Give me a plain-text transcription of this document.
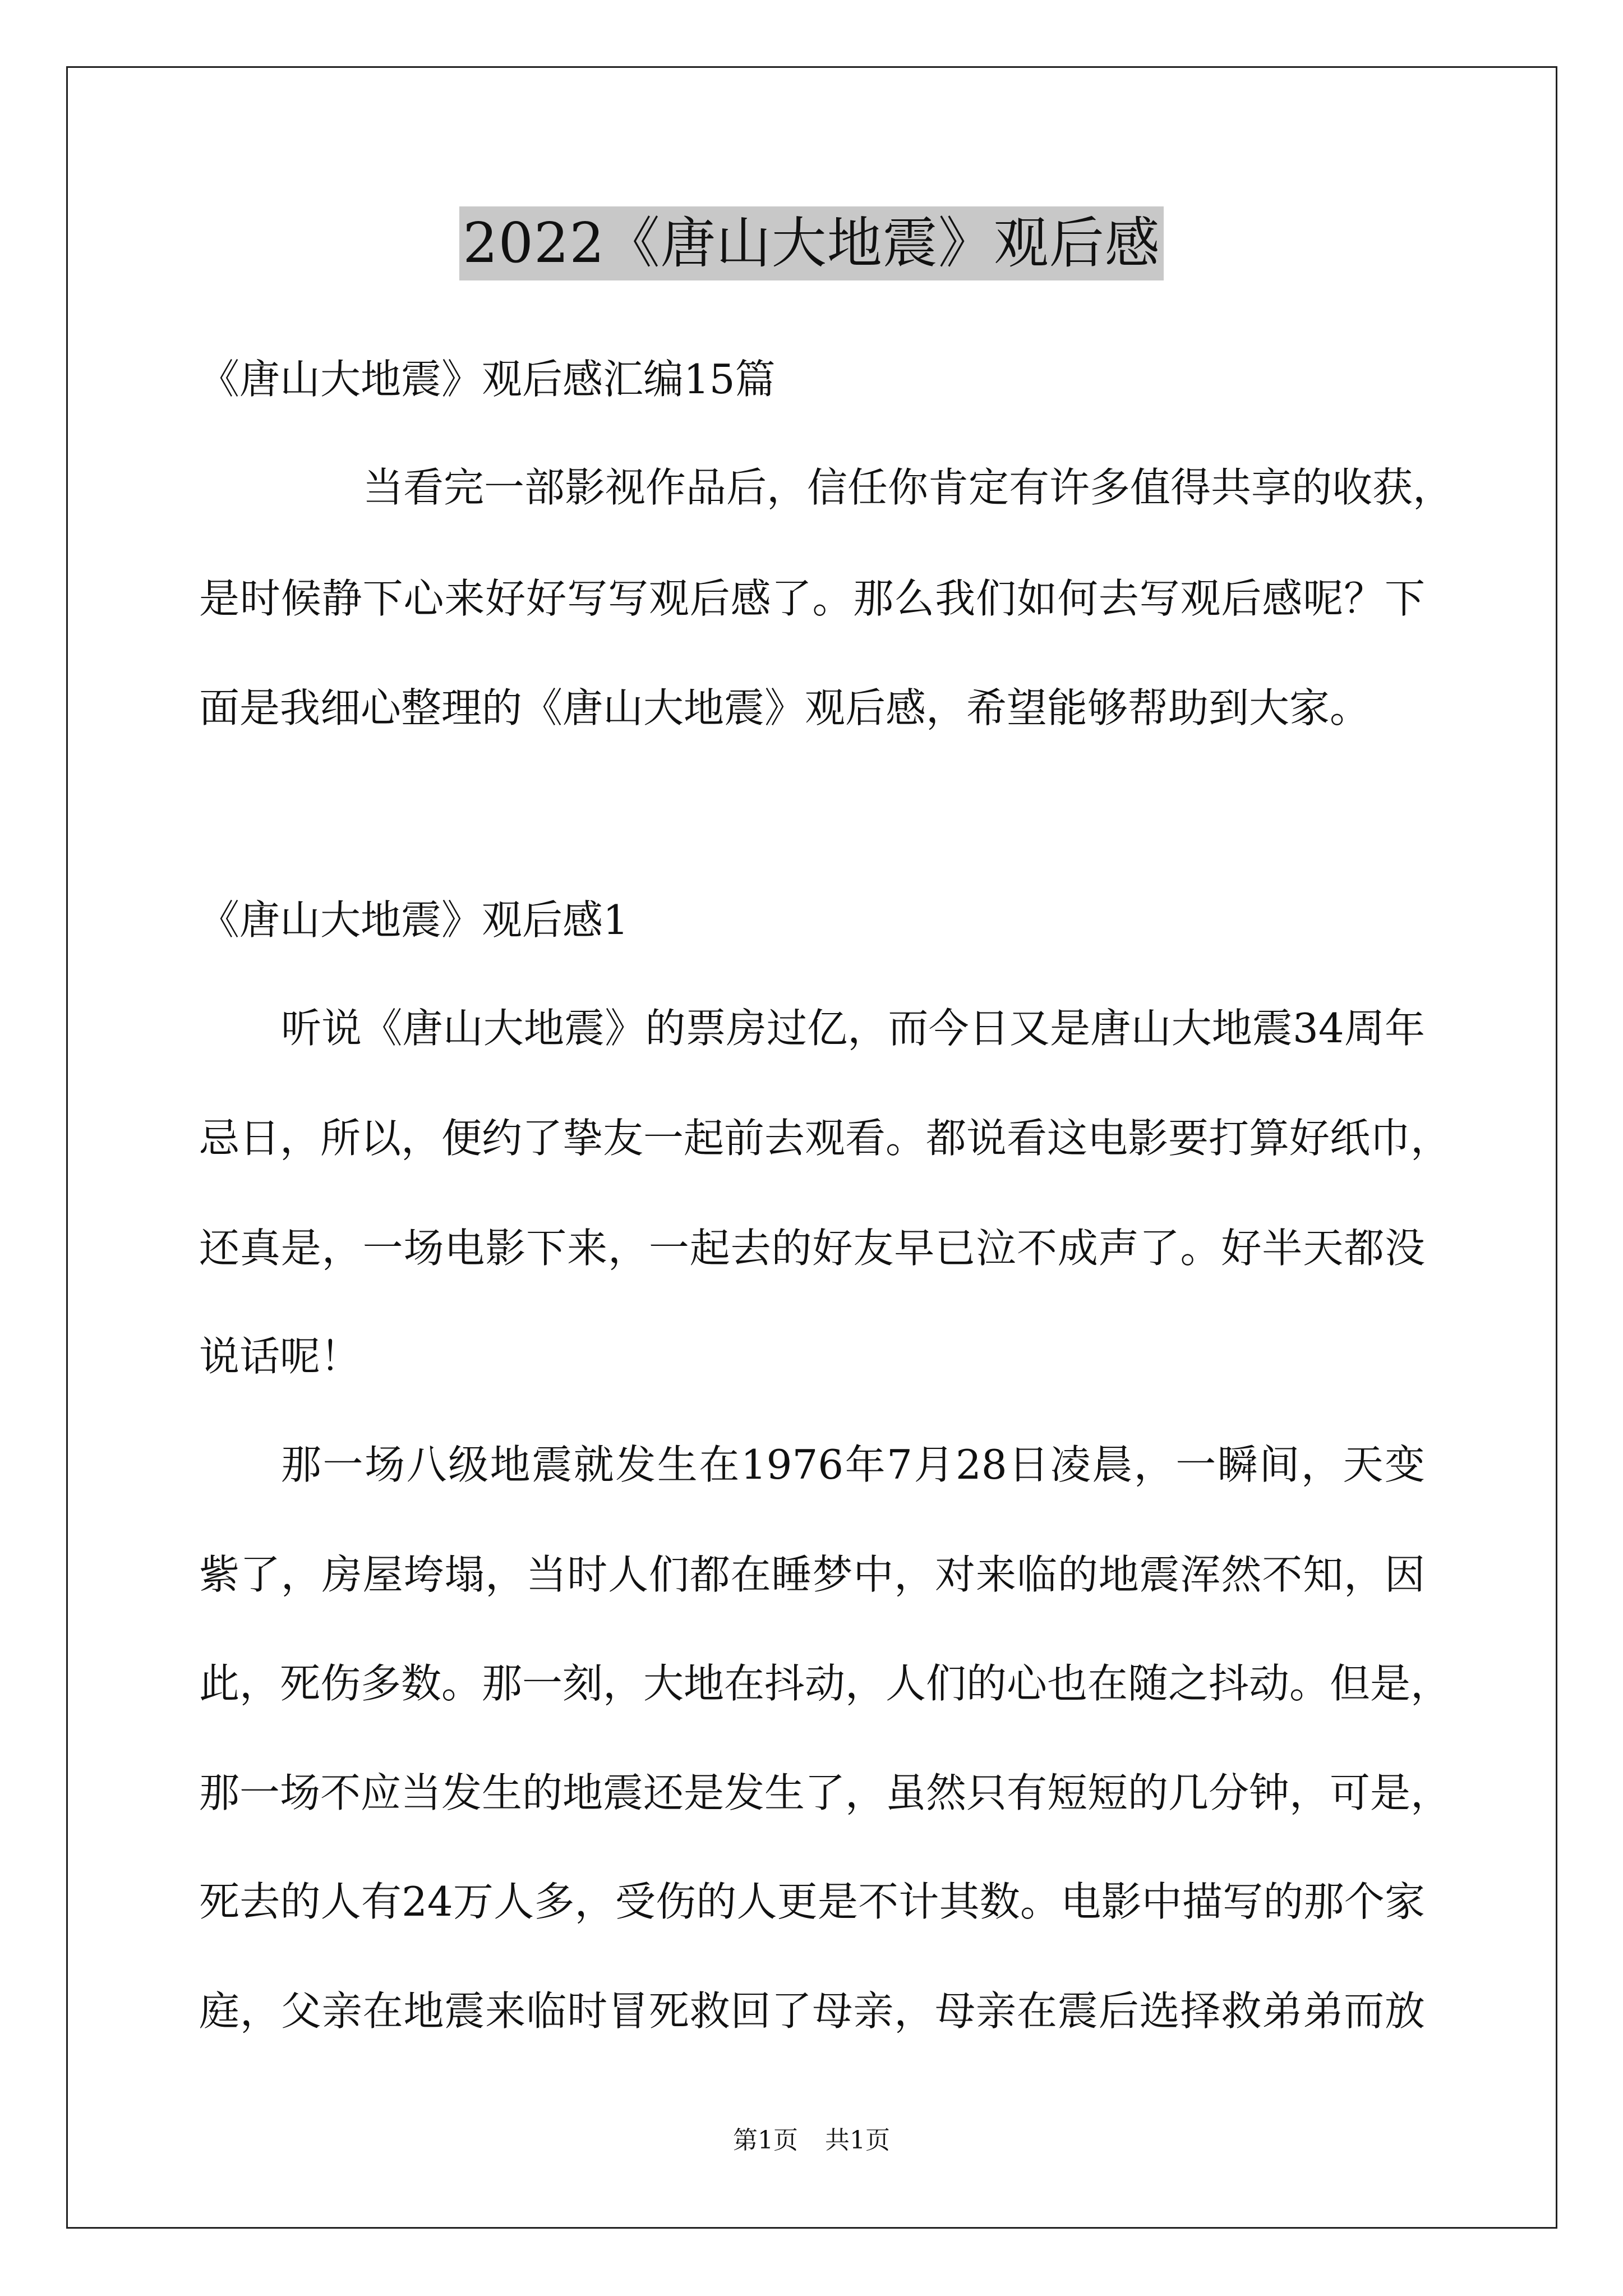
2022《唐山大地震》观后感
《唐山大地震》观后感汇编15篇
当看完一部影视作品后，信任你肯定有许多值得共享的收获，
是时候静下心来好好写写观后感了。那么我们如何去写观后感呢？下
面是我细心整理的《唐山大地震》观后感，希望能够帮助到大家。
《唐山大地震》观后感1
听说《唐山大地震》的票房过亿，而今日又是唐山大地震34周年
忌日，所以，便约了挚友一起前去观看。都说看这电影要打算好纸巾，
还真是，一场电影下来，一起去的好友早已泣不成声了。好半天都没
说话呢！
那一场八级地震就发生在1976年7月28日凌晨，一瞬间，天变
紫了，房屋垮塌，当时人们都在睡梦中，对来临的地震浑然不知，因
此，死伤多数。那一刻，大地在抖动，人们的心也在随之抖动。但是，
那一场不应当发生的地震还是发生了，虽然只有短短的几分钟，可是，
死去的人有24万人多，受伤的人更是不计其数。电影中描写的那个家
庭，父亲在地震来临时冒死救回了母亲，母亲在震后选择救弟弟而放
第1页 共1页
